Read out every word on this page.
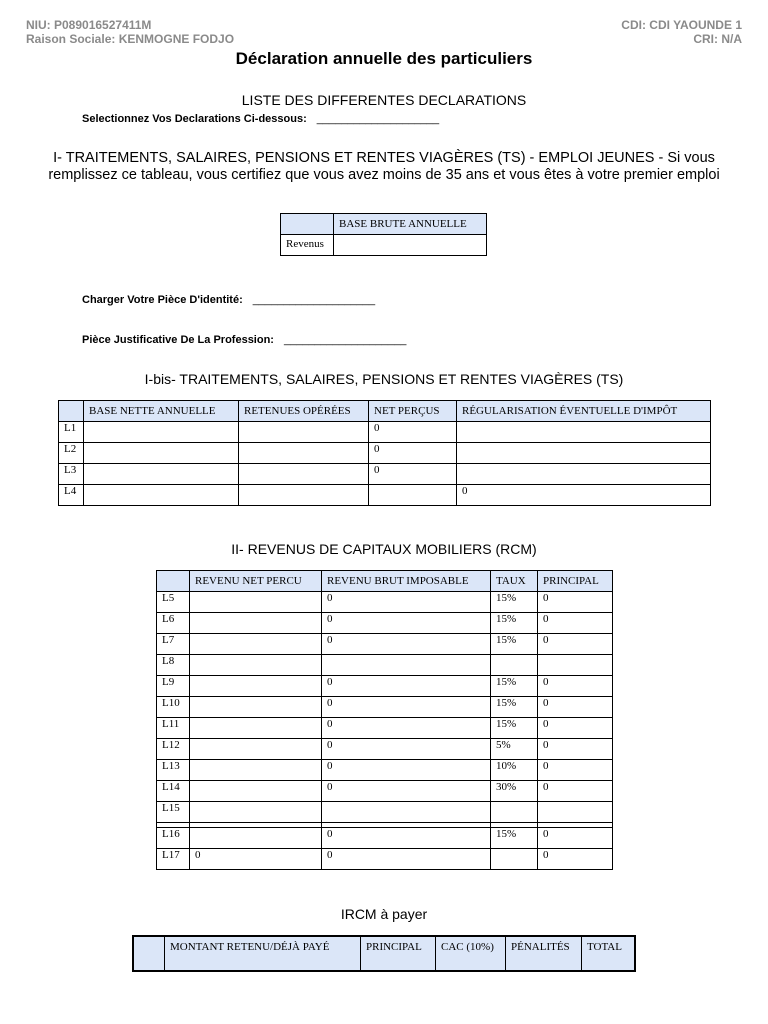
NIU: P089016527411M
Raison Sociale: KENMOGNE FODJO
CDI: CDI YAOUNDE 1
CRI: N/A
Déclaration annuelle des particuliers
LISTE DES DIFFERENTES DECLARATIONS
Selectionnez Vos Declarations Ci-dessous: ____________________
I- TRAITEMENTS, SALAIRES, PENSIONS ET RENTES VIAGÈRES (TS) - EMPLOI JEUNES - Si vous remplissez ce tableau, vous certifiez que vous avez moins de 35 ans et vous êtes à votre premier emploi
	BASE BRUTE ANNUELLE
Revenus	
Charger Votre Pièce D'identité: ____________________
Pièce Justificative De La Profession: ____________________
I-bis- TRAITEMENTS, SALAIRES, PENSIONS ET RENTES VIAGÈRES (TS)
	BASE NETTE ANNUELLE	RETENUES OPÉRÉES	NET PERÇUS	RÉGULARISATION ÉVENTUELLE D'IMPÔT
L1			0	
L2			0	
L3			0	
L4				0
II- REVENUS DE CAPITAUX MOBILIERS (RCM)
	REVENU NET PERCU	REVENU BRUT IMPOSABLE	TAUX	PRINCIPAL
L5		0	15%	0
L6		0	15%	0
L7		0	15%	0
L8				
L9		0	15%	0
L10		0	15%	0
L11		0	15%	0
L12		0	5%	0
L13		0	10%	0
L14		0	30%	0
L15				

L16		0	15%	0
L17	0	0		0
IRCM à payer
	MONTANT RETENU/DÉJÀ PAYÉ	PRINCIPAL	CAC (10%)	PÉNALITÉS	TOTAL
